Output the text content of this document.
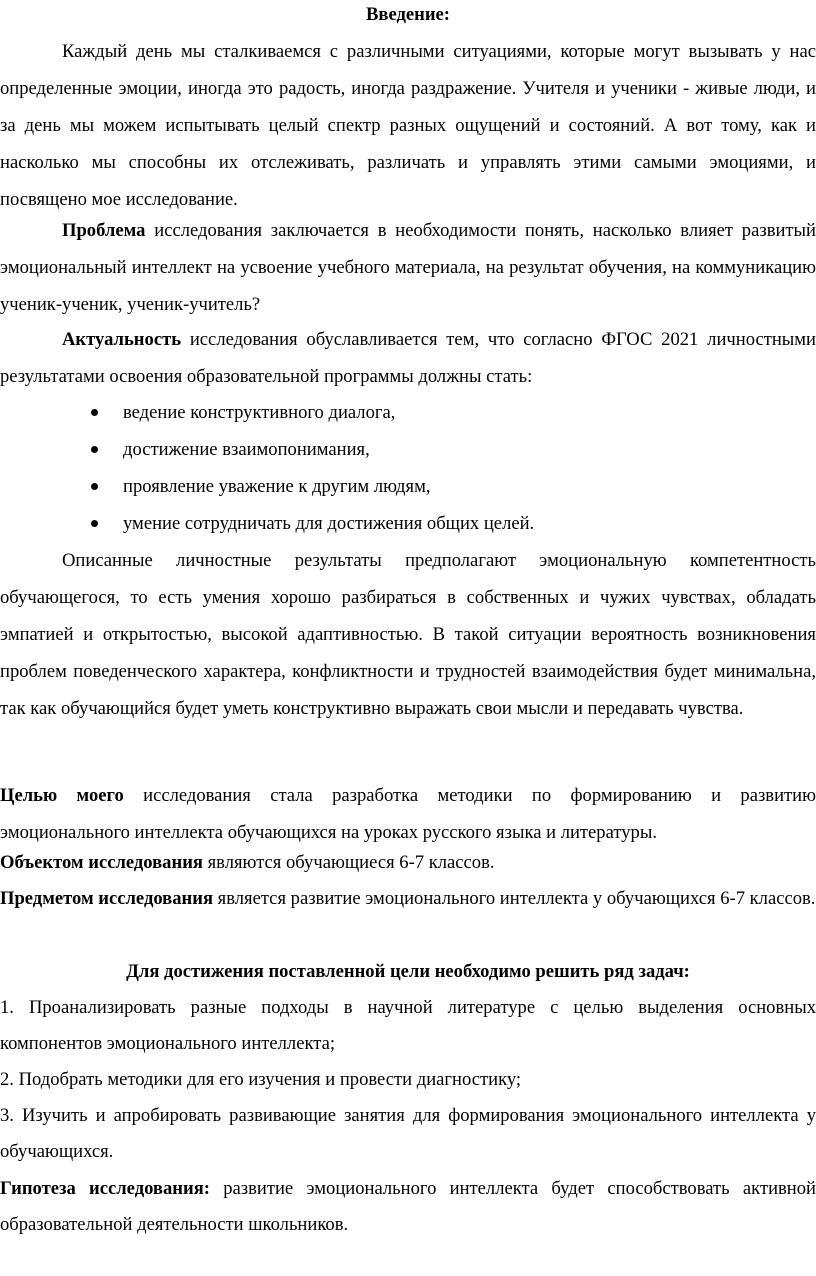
Введение:

Каждый день мы сталкиваемся с различными ситуациями, которые могут вызывать у нас определенные эмоции, иногда это радость, иногда раздражение. Учителя и ученики - живые люди, и за день мы можем испытывать целый спектр разных ощущений и состояний. А вот тому, как и насколько мы способны их отслеживать, различать и управлять этими самыми эмоциями, и посвящено мое исследование.

Проблема исследования заключается в необходимости понять, насколько влияет развитый эмоциональный интеллект на усвоение учебного материала, на результат обучения, на коммуникацию ученик-ученик, ученик-учитель?

Актуальность исследования обуславливается тем, что согласно ФГОС 2021 личностными результатами освоения образовательной программы должны стать:

ведение конструктивного диалога,
достижение взаимопонимания,
проявление уважение к другим людям,
умение сотрудничать для достижения общих целей.

Описанные личностные результаты предполагают эмоциональную компетентность обучающегося, то есть умения хорошо разбираться в собственных и чужих чувствах, обладать эмпатией и открытостью, высокой адаптивностью. В такой ситуации вероятность возникновения проблем поведенческого характера, конфликтности и трудностей взаимодействия будет минимальна, так как обучающийся будет уметь конструктивно выражать свои мысли и передавать чувства.

Целью моего исследования стала разработка методики по формированию и развитию эмоционального интеллекта обучающихся на уроках русского языка и литературы.

Объектом исследования являются обучающиеся 6-7 классов.

Предметом исследования является развитие эмоционального интеллекта у обучающихся 6-7 классов.

Для достижения поставленной цели необходимо решить ряд задач:

1. Проанализировать разные подходы в научной литературе с целью выделения основных компонентов эмоционального интеллекта;

2. Подобрать методики для его изучения и провести диагностику;

3. Изучить и апробировать развивающие занятия для формирования эмоционального интеллекта у обучающихся.

Гипотеза исследования: развитие эмоционального интеллекта будет способствовать активной образовательной деятельности школьников.
